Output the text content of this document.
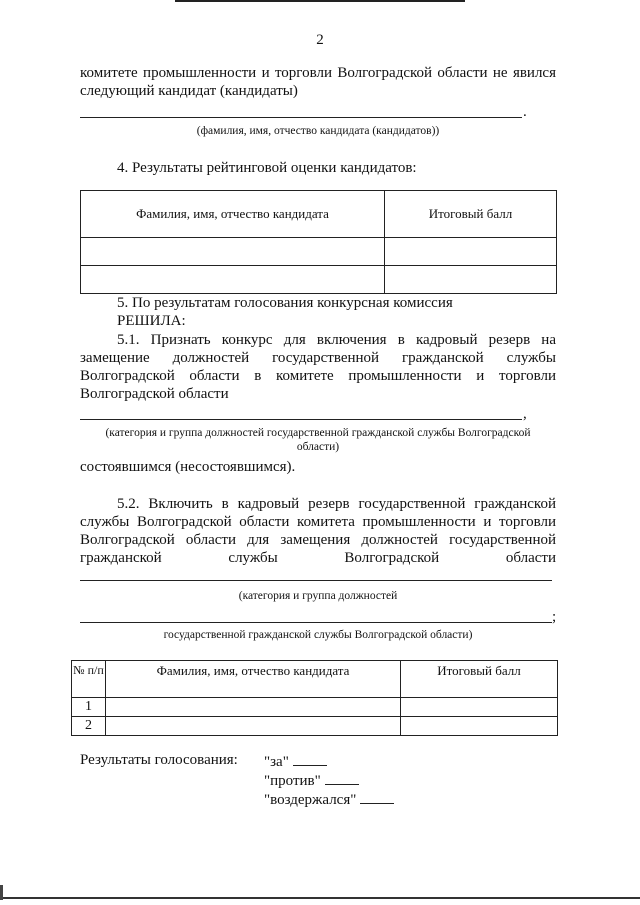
2
комитете промышленности и торговли Волгоградской области не явился
следующий кандидат (кандидаты)
.
(фамилия, имя, отчество кандидата (кандидатов))
4. Результаты рейтинговой оценки кандидатов:
Фамилия, имя, отчество кандидата	Итоговый балл

5. По результатам голосования конкурсная комиссия
РЕШИЛА:
5.1. Признать конкурс для включения в кадровый резерв на
замещение должностей государственной гражданской службы
Волгоградской области в комитете промышленности и торговли
Волгоградской области
,
(категория и группа должностей государственной гражданской службы Волгоградской
области)
состоявшимся (несостоявшимся).
5.2. Включить в кадровый резерв государственной гражданской
службы Волгоградской области комитета промышленности и торговли
Волгоградской области для замещения должностей государственной
гражданской службы Волгоградской области
(категория и группа должностей
;
государственной гражданской службы Волгоградской области)
№ п/п	Фамилия, имя, отчество кандидата	Итоговый балл
1		
2		
Результаты голосования: "за"
"против"
"воздержался"
